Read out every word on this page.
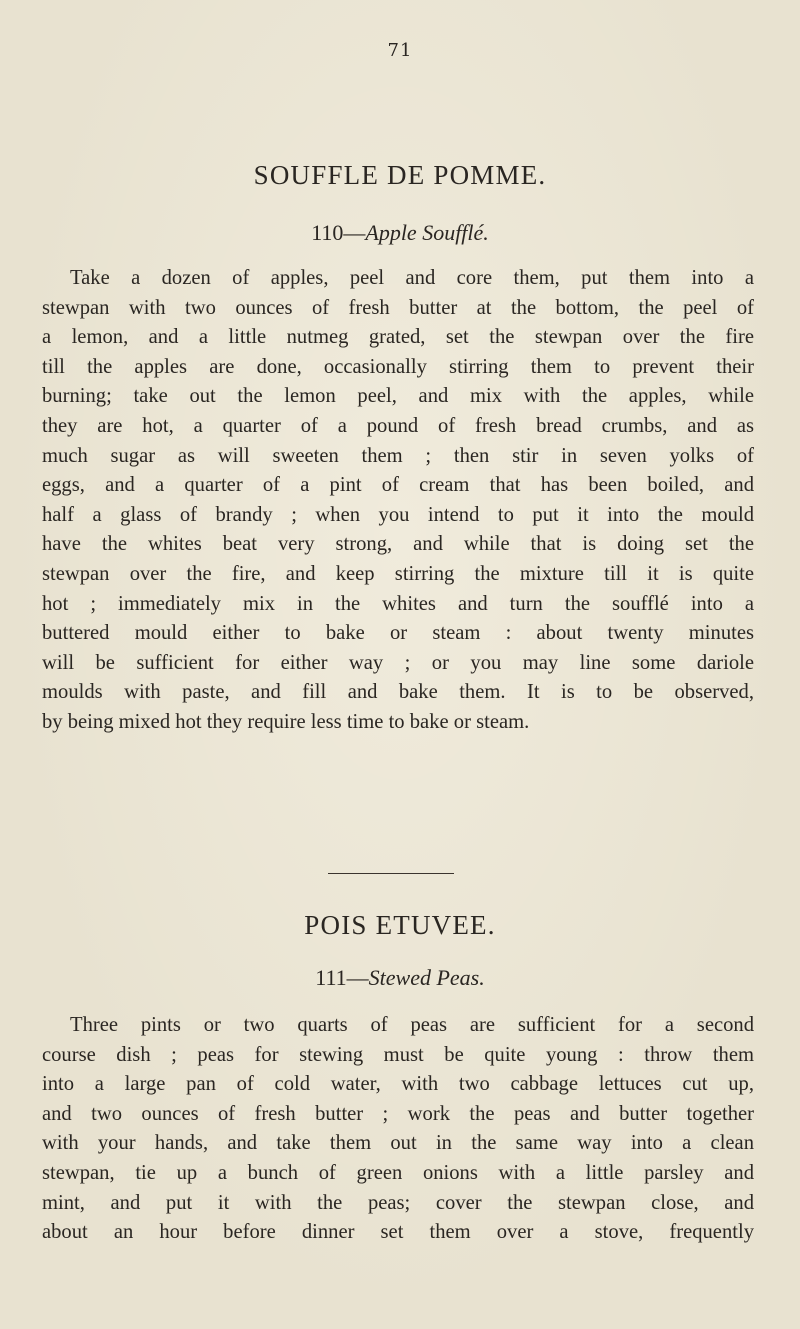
71
SOUFFLE DE POMME.
110—Apple Soufflé.
Take a dozen of apples, peel and core them, put them into a
stewpan with two ounces of fresh butter at the bottom, the peel of
a lemon, and a little nutmeg grated, set the stewpan over the fire
till the apples are done, occasionally stirring them to prevent their
burning; take out the lemon peel, and mix with the apples, while
they are hot, a quarter of a pound of fresh bread crumbs, and as
much sugar as will sweeten them ; then stir in seven yolks of
eggs, and a quarter of a pint of cream that has been boiled, and
half a glass of brandy ; when you intend to put it into the mould
have the whites beat very strong, and while that is doing set the
stewpan over the fire, and keep stirring the mixture till it is quite
hot ; immediately mix in the whites and turn the soufflé into a
buttered mould either to bake or steam : about twenty minutes
will be sufficient for either way ; or you may line some dariole
moulds with paste, and fill and bake them. It is to be observed,
by being mixed hot they require less time to bake or steam.
POIS ETUVEE.
111—Stewed Peas.
Three pints or two quarts of peas are sufficient for a second
course dish ; peas for stewing must be quite young : throw them
into a large pan of cold water, with two cabbage lettuces cut up,
and two ounces of fresh butter ; work the peas and butter together
with your hands, and take them out in the same way into a clean
stewpan, tie up a bunch of green onions with a little parsley and
mint, and put it with the peas; cover the stewpan close, and
about an hour before dinner set them over a stove, frequently
